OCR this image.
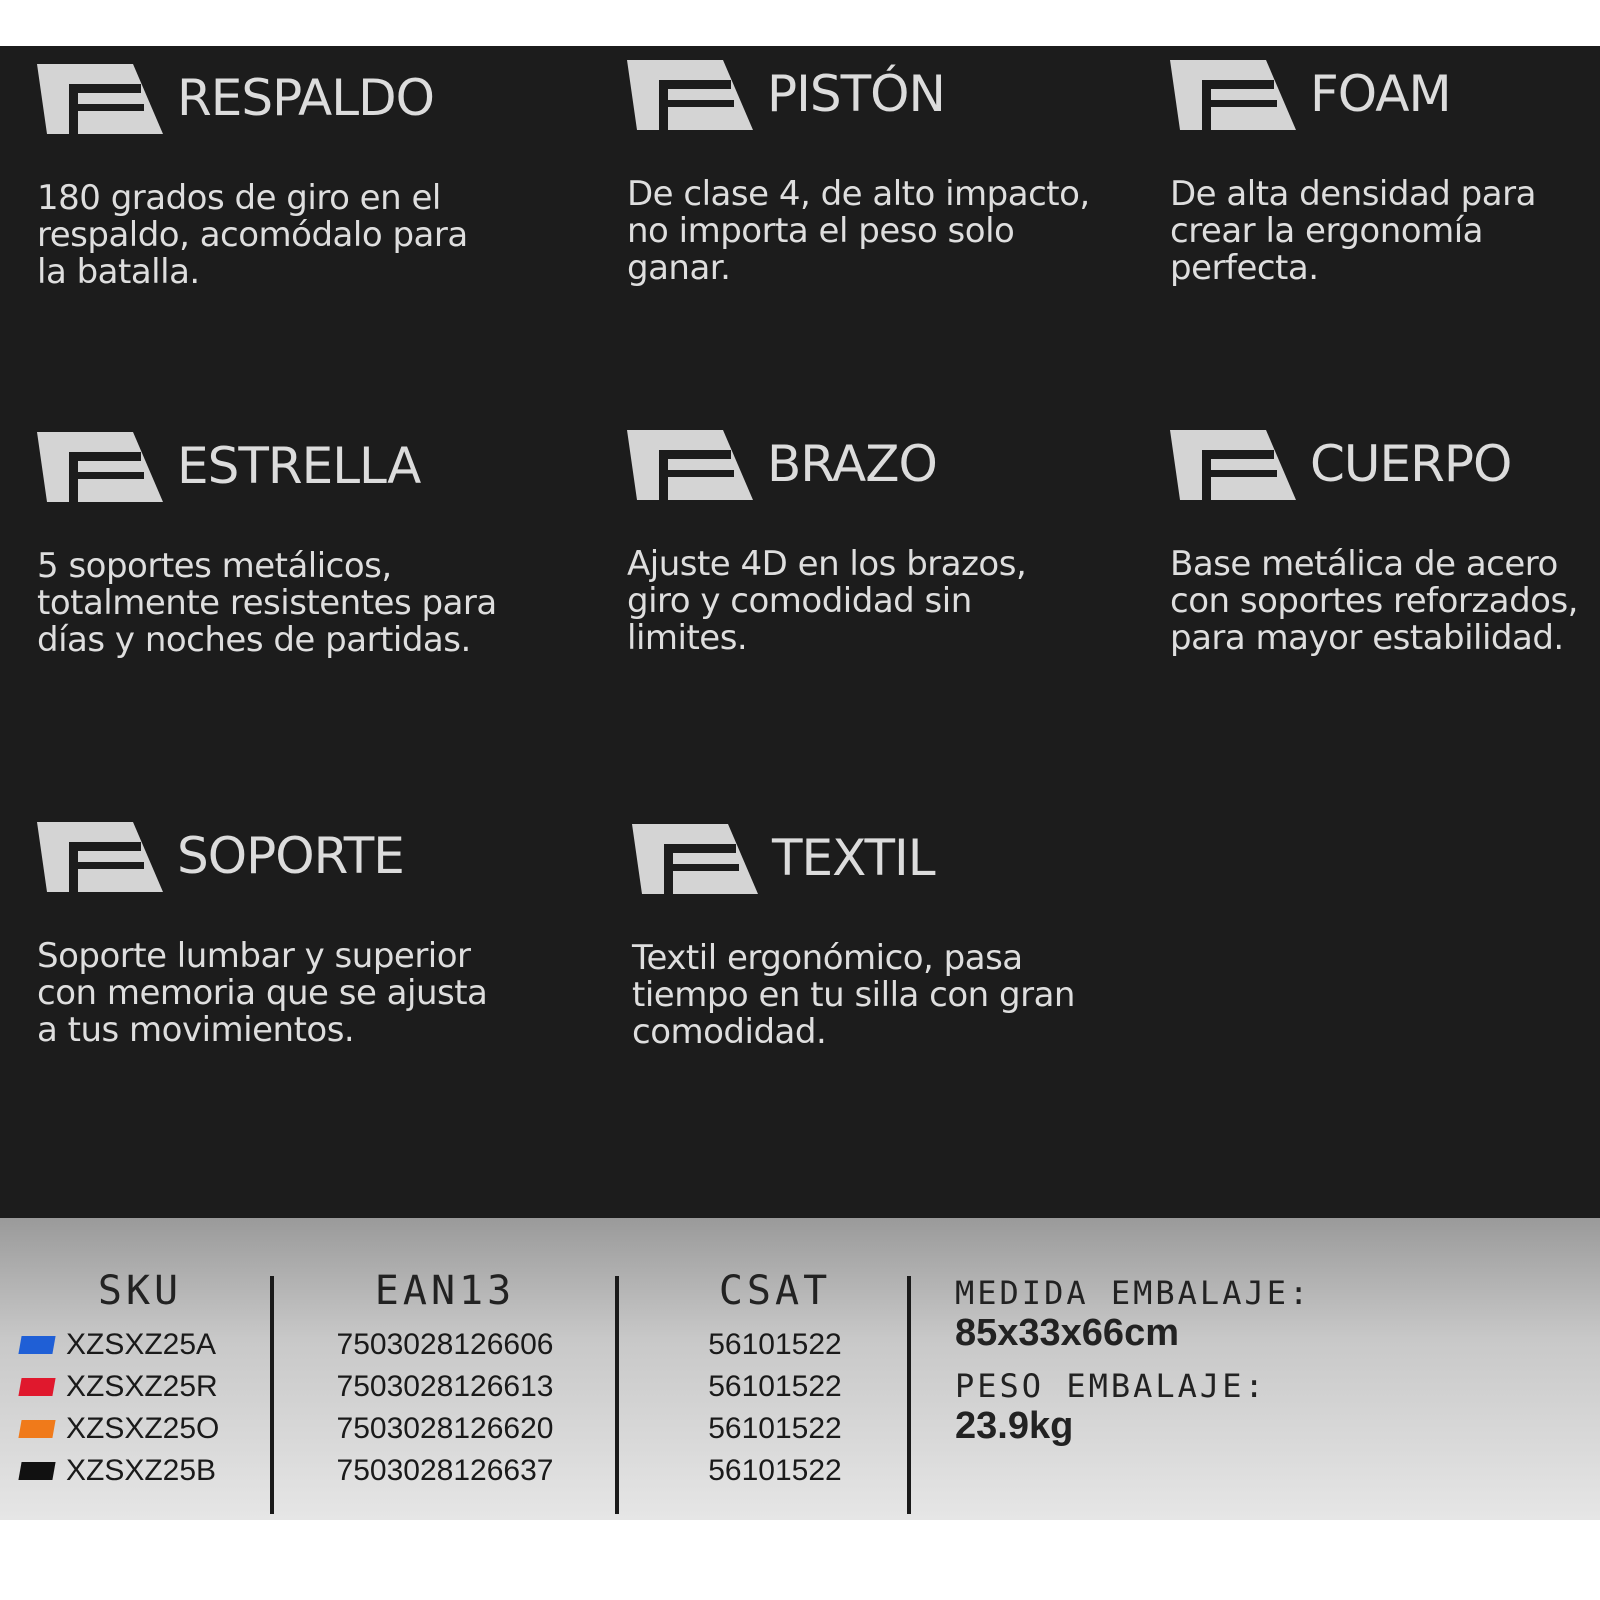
RESPALDO
180 grados de giro en el respaldo, acomódalo para la batalla.
PISTÓN
De clase 4, de alto impacto, no importa el peso solo ganar.
FOAM
De alta densidad para crear la ergonomía perfecta.
ESTRELLA
5 soportes metálicos, totalmente resistentes para días y noches de partidas.
BRAZO
Ajuste 4D en los brazos, giro y comodidad sin limites.
CUERPO
Base metálica de acero con soportes reforzados, para mayor estabilidad.
SOPORTE
Soporte lumbar y superior con memoria que se ajusta a tus movimientos.
TEXTIL
Textil ergonómico, pasa tiempo en tu silla con gran comodidad.
SKU
XZSXZ25A
XZSXZ25R
XZSXZ25O
XZSXZ25B
EAN13
7503028126606
7503028126613
7503028126620
7503028126637
CSAT
56101522
56101522
56101522
56101522
MEDIDA EMBALAJE:
85x33x66cm
PESO EMBALAJE:
23.9kg
